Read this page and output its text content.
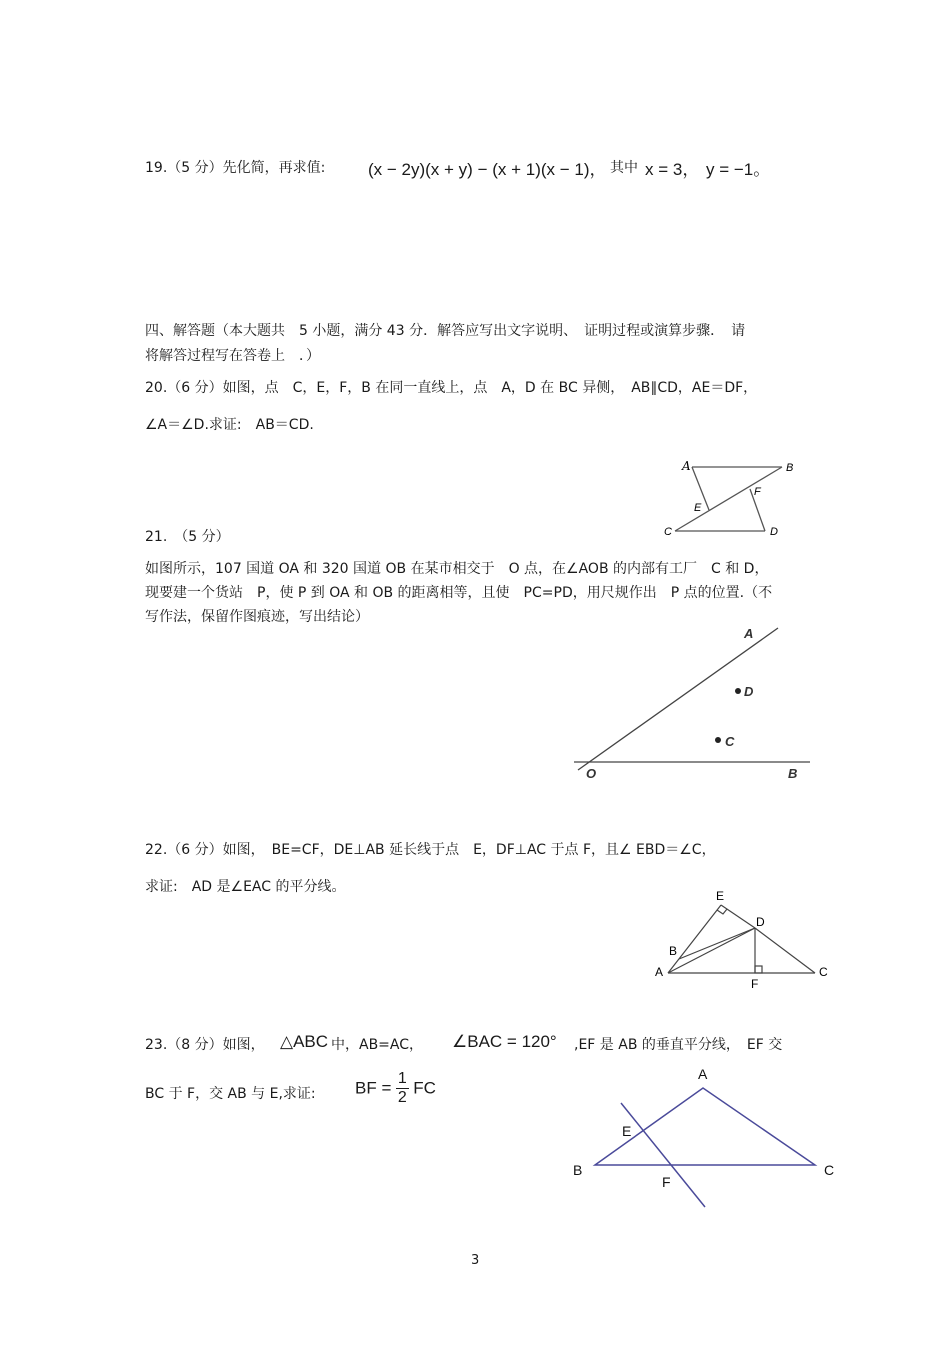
19.（5 分）先化简，再求值:	(x − 2y)(x + y) − (x + 1)(x − 1)， 其中 x = 3， y = −1。
四、解答题（本大题共　5 小题，满分 43 分．解答应写出文字说明、　证明过程或演算步骤．　请
将解答过程写在答卷上　．）
20.（6 分）如图，点　C，E，F，B 在同一直线上，点　A，D 在 BC 异侧，　AB∥CD，AE＝DF，
∠A＝∠D.求证:　AB＝CD.
A	B
C	D
E
F
21.　（5 分）
如图所示，107 国道 OA 和 320 国道 OB 在某市相交于　O 点，在∠AOB 的内部有工厂　C 和 D，
现要建一个货站　P，使 P 到 OA 和 OB 的距离相等，且使　PC=PD，用尺规作出　P 点的位置.（不
写作法，保留作图痕迹，写出结论）
A
D
C
O	B
22.（6 分）如图，　BE=CF，DE⊥AB 延长线于点　E，DF⊥AC 于点 F，且∠ EBD＝∠C，
求证:　AD 是∠EAC 的平分线。
E
D
B
A
F
C
23.（8 分）如图， △ABC 中，AB=AC， ∠BAC = 120° ,EF 是 AB 的垂直平分线，　EF 交
BC 于 F，交 AB 与 E,求证: BF = $\frac{1}{2}$ FC
A
E
B
F
C
3
